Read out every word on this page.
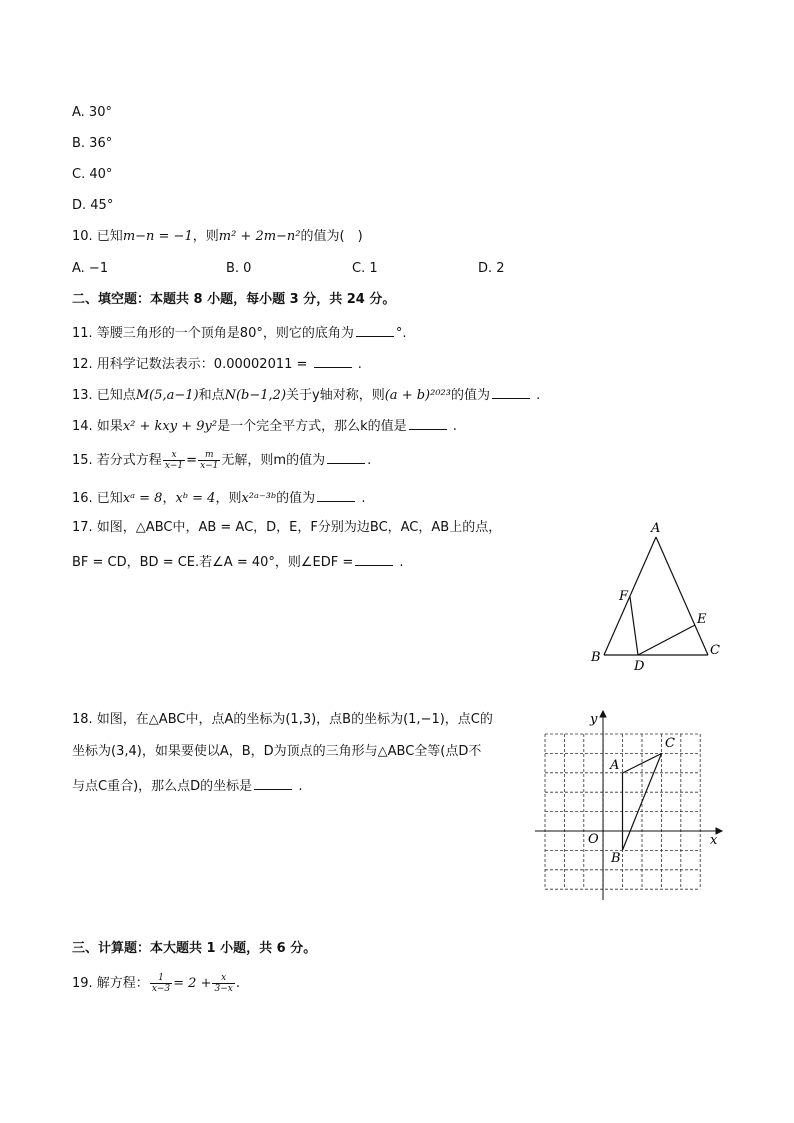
A. 30°
B. 36°
C. 40°
D. 45°
10. 已知m−n = −1，则m² + 2m−n²的值为(　)
A. −1	B. 0	C. 1	D. 2
二、填空题：本题共 8 小题，每小题 3 分，共 24 分。
11. 等腰三角形的一个顶角是80°，则它的底角为	°.
12. 用科学记数法表示：0.00002011 =	.
13. 已知点M(5,a−1)和点N(b−1,2)关于y轴对称，则(a + b)²⁰²³的值为	.
14. 如果x² + kxy + 9y²是一个完全平方式，那么k的值是	.
15. 若分式方程 $\frac{x}{x-1} = \frac{m}{x-1}$ 无解，则m的值为	.
16. 已知xᵃ = 8，xᵇ = 4，则x²ᵃ⁻³ᵇ的值为	.
17. 如图，△ABC中，AB = AC，D，E，F分别为边BC，AC，AB上的点，
BF = CD，BD = CE.若∠A = 40°，则∠EDF =	.
A
B	C
D
E
F
18. 如图，在△ABC中，点A的坐标为(1,3)，点B的坐标为(1,−1)，点C的
坐标为(3,4)，如果要使以A，B，D为顶点的三角形与△ABC全等(点D不
与点C重合)，那么点D的坐标是	.
A
B
C
O	x
y
三、计算题：本大题共 1 小题，共 6 分。
19. 解方程： $\frac{1}{x-3} = 2 + \frac{x}{3-x}$ .
